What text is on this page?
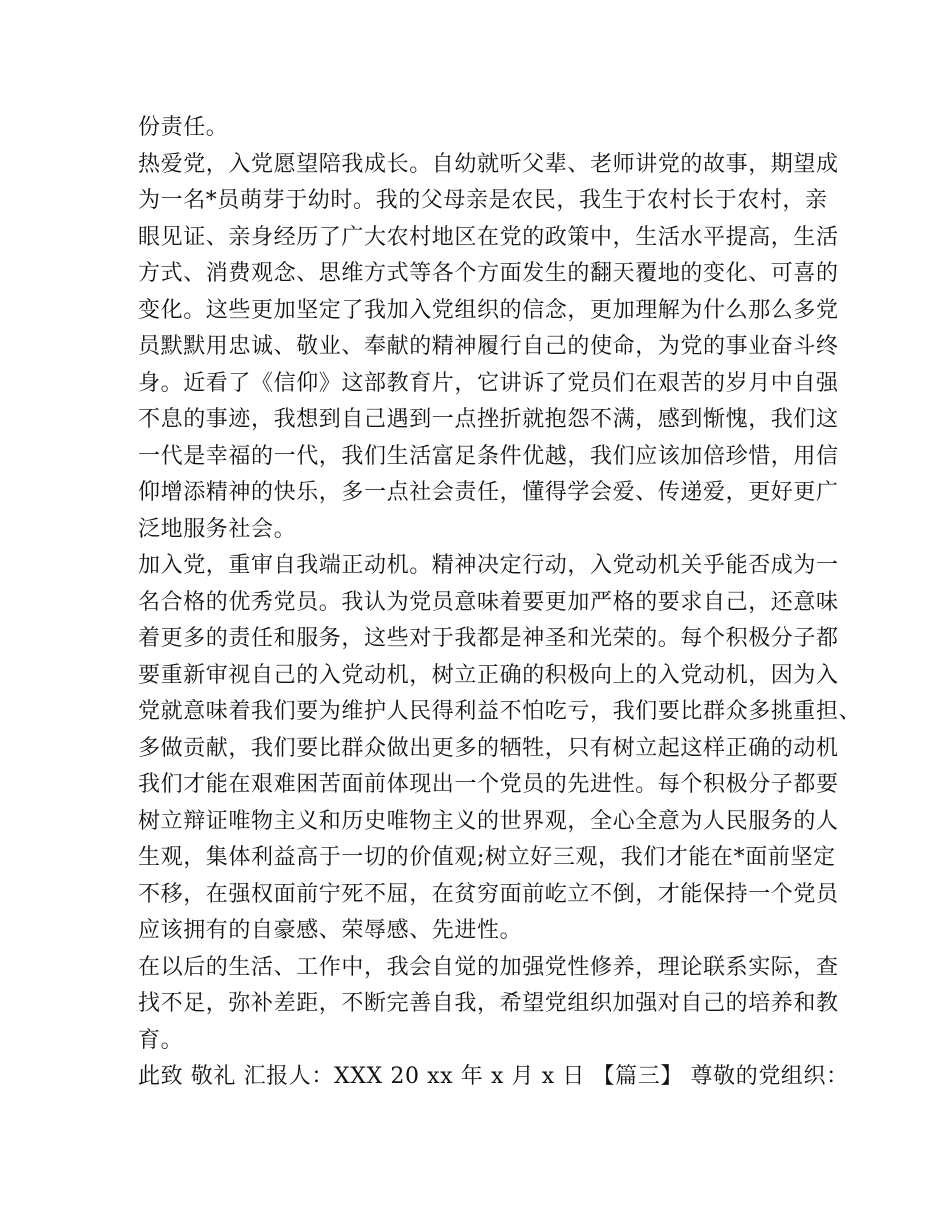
份责任。

热爱党，入党愿望陪我成长。自幼就听父辈、老师讲党的故事，期望成

为一名*员萌芽于幼时。我的父母亲是农民，我生于农村长于农村，亲

眼见证、亲身经历了广大农村地区在党的政策中，生活水平提高，生活

方式、消费观念、思维方式等各个方面发生的翻天覆地的变化、可喜的

变化。这些更加坚定了我加入党组织的信念，更加理解为什么那么多党

员默默用忠诚、敬业、奉献的精神履行自己的使命，为党的事业奋斗终

身。近看了《信仰》这部教育片，它讲诉了党员们在艰苦的岁月中自强

不息的事迹，我想到自己遇到一点挫折就抱怨不满，感到惭愧，我们这

一代是幸福的一代，我们生活富足条件优越，我们应该加倍珍惜，用信

仰增添精神的快乐，多一点社会责任，懂得学会爱、传递爱，更好更广

泛地服务社会。

加入党，重审自我端正动机。精神决定行动，入党动机关乎能否成为一

名合格的优秀党员。我认为党员意味着要更加严格的要求自己，还意味

着更多的责任和服务，这些对于我都是神圣和光荣的。每个积极分子都

要重新审视自己的入党动机，树立正确的积极向上的入党动机，因为入

党就意味着我们要为维护人民得利益不怕吃亏，我们要比群众多挑重担、

多做贡献，我们要比群众做出更多的牺牲，只有树立起这样正确的动机

我们才能在艰难困苦面前体现出一个党员的先进性。每个积极分子都要

树立辩证唯物主义和历史唯物主义的世界观，全心全意为人民服务的人

生观，集体利益高于一切的价值观;树立好三观，我们才能在*面前坚定

不移，在强权面前宁死不屈，在贫穷面前屹立不倒，才能保持一个党员

应该拥有的自豪感、荣辱感、先进性。

在以后的生活、工作中，我会自觉的加强党性修养，理论联系实际，查

找不足，弥补差距，不断完善自我，希望党组织加强对自己的培养和教

育。

此致 敬礼 汇报人：XXX 20 xx 年 x 月 x 日 【篇三】 尊敬的党组织：
